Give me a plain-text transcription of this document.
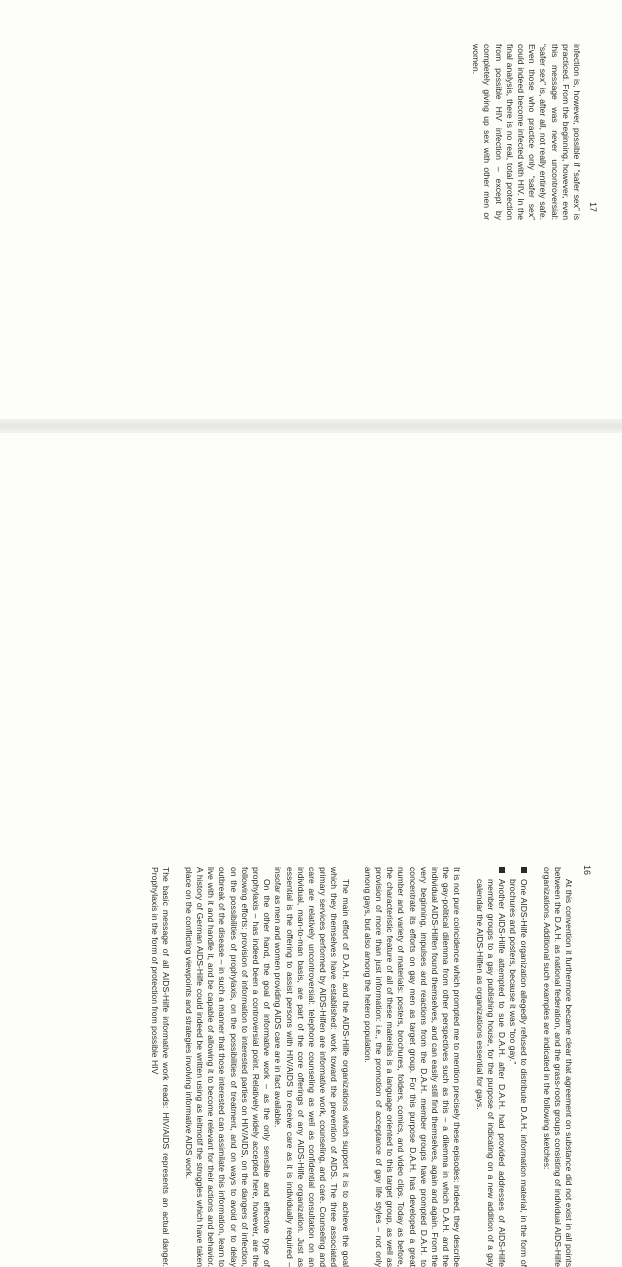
infection is, however, possible if “safer sex” is practiced. From the beginning, however, even this message was never uncontroversial: “safer sex” is, after all, not really entirely safe. Even those who practice only “safer sex” could indeed become infected with HIV. In the final analysis, there is no real, total protection from possible HIV infection – except by completely giving up sex with other men or women.

17

At this convention it furthermore became clear that agreement on substance did not exist in all points between the D.A.H. as national federation, and the grass-roots groups consisting of individual AIDS-Hilfe organizations. Additional such examples are indicated in the following sketches:

One AIDS-Hilfe organization allegedly refused to distribute D.A.H. information material, in the form of brochures and posters, because it was “too gay.”
Another AIDS-Hilfe attempted to sue D.A.H. after D.A.H. had provided addresses of AIDS-Hilfe member groups to a gay publishing house, for the purpose of indicating on a new addition of a gay calendar the AIDS-Hilfen as organizations essential for gays.

It is not pure coincidence which prompted me to mention precisely these episodes: indeed, they describe the gay-political dilemma from other perspectives such as this – a dilemma in which D.A.H. and the individual AIDS-Hilfen found themselves, and can easily still find themselves, again and again. From the very beginning, impulses and reactions from the D.A.H. member groups have prompted D.A.H. to concentrate its efforts on gay men as target group. For this purpose D.A.H. has developed a great number and variety of materials: posters, brochures, folders, comics, and video clips. Today as before, the characteristic feature of all of these materials is a language oriented to this target group, as well as provision of more than just information: i.e., the promotion of acceptance of gay life styles – not only among gays, but also among the hetero population.

The main effort of D.A.H. and the AIDS-Hilfe organizations which support it is to achieve the goal which they themselves have established: work toward the prevention of AIDS. The three associated primary services performed by AIDS-Hilfen are informative work, counseling, and care. Counseling and care are relatively uncontroversial: telephone counseling as well as confidential consultation on an individual, man-to-man basis, are part of the core offerings of any AIDS-Hilfe organization. Just as essential is the offering to assist persons with HIV/AIDS to receive care as it is individually required – insofar as men and women providing AIDS care are in fact available.

On the other hand, the goal of informative work – as the only sensible and effective type of prophylaxis – has indeed been a controversial point. Relatively widely accepted here, however, are the following efforts: provision of information to interested parties on HIV/AIDS, on the dangers of infection, on the possibilities of prophylaxis, on the possibilities of treatment, and on ways to avoid or to delay outbreak of the disease – in such a manner that those interested can assimilate this information, learn to live with it and handle it, and be capable of allowing it to become relevant for their actions and behavior. A history of German AIDS-Hilfe could indeed be written using as leitmotif the struggles which have taken place on the conflicting viewpoints and strategies involving informative AIDS work.

The basic message of all AIDS-Hilfe informative work reads: HIV/AIDS represents an actual danger. Prophylaxis in the form of protection from possible HIV	16
